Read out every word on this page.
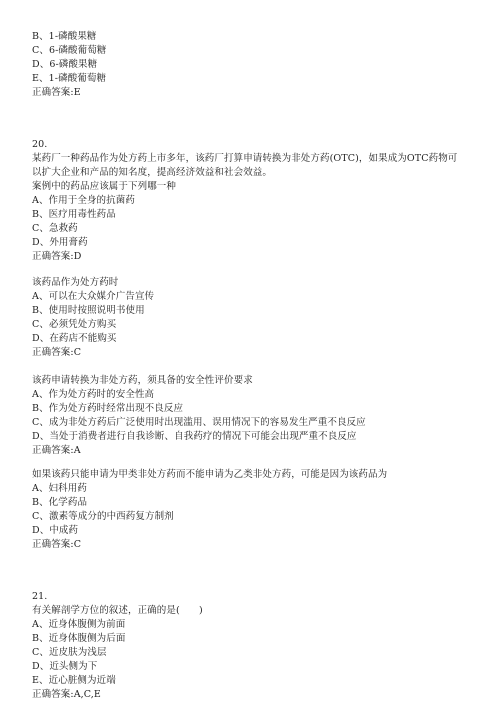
B、1-磷酸果糖
C、6-磷酸葡萄糖
D、6-磷酸果糖
E、1-磷酸葡萄糖
正确答案:E
20.
某药厂一种药品作为处方药上市多年，该药厂打算申请转换为非处方药(OTC)，如果成为OTC药物可
以扩大企业和产品的知名度，提高经济效益和社会效益。
案例中的药品应该属于下列哪一种
A、作用于全身的抗菌药
B、医疗用毒性药品
C、急救药
D、外用膏药
正确答案:D
该药品作为处方药时
A、可以在大众媒介广告宣传
B、使用时按照说明书使用
C、必须凭处方购买
D、在药店不能购买
正确答案:C
该药申请转换为非处方药，须具备的安全性评价要求
A、作为处方药时的安全性高
B、作为处方药时经常出现不良反应
C、成为非处方药后广泛使用时出现滥用、误用情况下的容易发生严重不良反应
D、当处于消费者进行自我诊断、自我药疗的情况下可能会出现严重不良反应
正确答案:A
如果该药只能申请为甲类非处方药而不能申请为乙类非处方药，可能是因为该药品为
A、妇科用药
B、化学药品
C、激素等成分的中西药复方制剂
D、中成药
正确答案:C
21.
有关解剖学方位的叙述，正确的是(　　)
A、近身体腹侧为前面
B、近身体腹侧为后面
C、近皮肤为浅层
D、近头侧为下
E、近心脏侧为近端
正确答案:A,C,E
